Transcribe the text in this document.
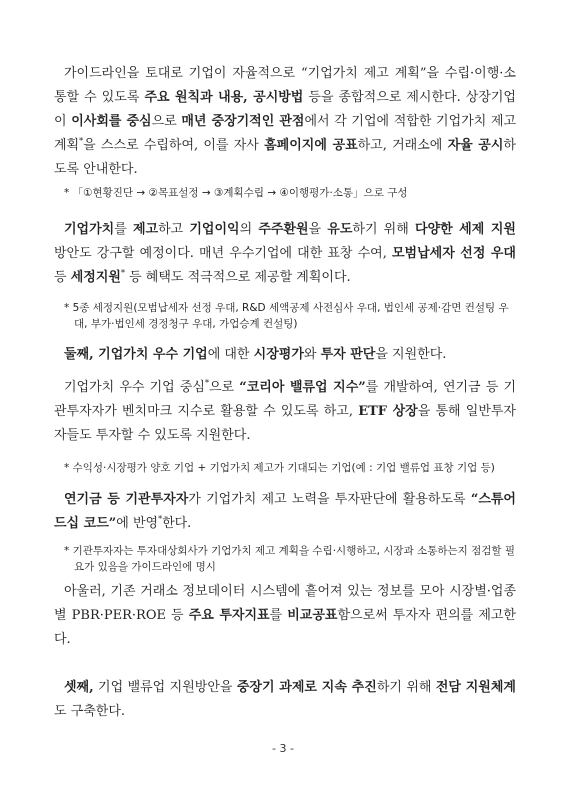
가이드라인을 토대로 기업이 자율적으로 “기업가치 제고 계획”을 수립·이행·소통할 수 있도록 주요 원칙과 내용, 공시방법 등을 종합적으로 제시한다. 상장기업이 이사회를 중심으로 매년 중장기적인 관점에서 각 기업에 적합한 기업가치 제고 계획*을 스스로 수립하여, 이를 자사 홈페이지에 공표하고, 거래소에 자율 공시하도록 안내한다.

* 「①현황진단 → ②목표설정 → ③계획수립 → ④이행평가·소통」으로 구성

기업가치를 제고하고 기업이익의 주주환원을 유도하기 위해 다양한 세제 지원 방안도 강구할 예정이다. 매년 우수기업에 대한 표창 수여, 모범납세자 선정 우대 등 세정지원* 등 혜택도 적극적으로 제공할 계획이다.

* 5종 세정지원(모범납세자 선정 우대, R&D 세액공제 사전심사 우대, 법인세 공제·감면 컨설팅 우대, 부가·법인세 경정청구 우대, 가업승계 컨설팅)

둘째, 기업가치 우수 기업에 대한 시장평가와 투자 판단을 지원한다.

기업가치 우수 기업 중심*으로 “코리아 밸류업 지수”를 개발하여, 연기금 등 기관투자자가 벤치마크 지수로 활용할 수 있도록 하고, ETF 상장을 통해 일반투자자들도 투자할 수 있도록 지원한다.

* 수익성·시장평가 양호 기업 + 기업가치 제고가 기대되는 기업(예 : 기업 밸류업 표창 기업 등)

연기금 등 기관투자자가 기업가치 제고 노력을 투자판단에 활용하도록 “스튜어드십 코드”에 반영*한다.

* 기관투자자는 투자대상회사가 기업가치 제고 계획을 수립·시행하고, 시장과 소통하는지 점검할 필요가 있음을 가이드라인에 명시

아울러, 기존 거래소 정보데이터 시스템에 흩어져 있는 정보를 모아 시장별·업종별 PBR·PER·ROE 등 주요 투자지표를 비교공표함으로써 투자자 편의를 제고한다.

셋째, 기업 밸류업 지원방안을 중장기 과제로 지속 추진하기 위해 전담 지원체계도 구축한다.

- 3 -
